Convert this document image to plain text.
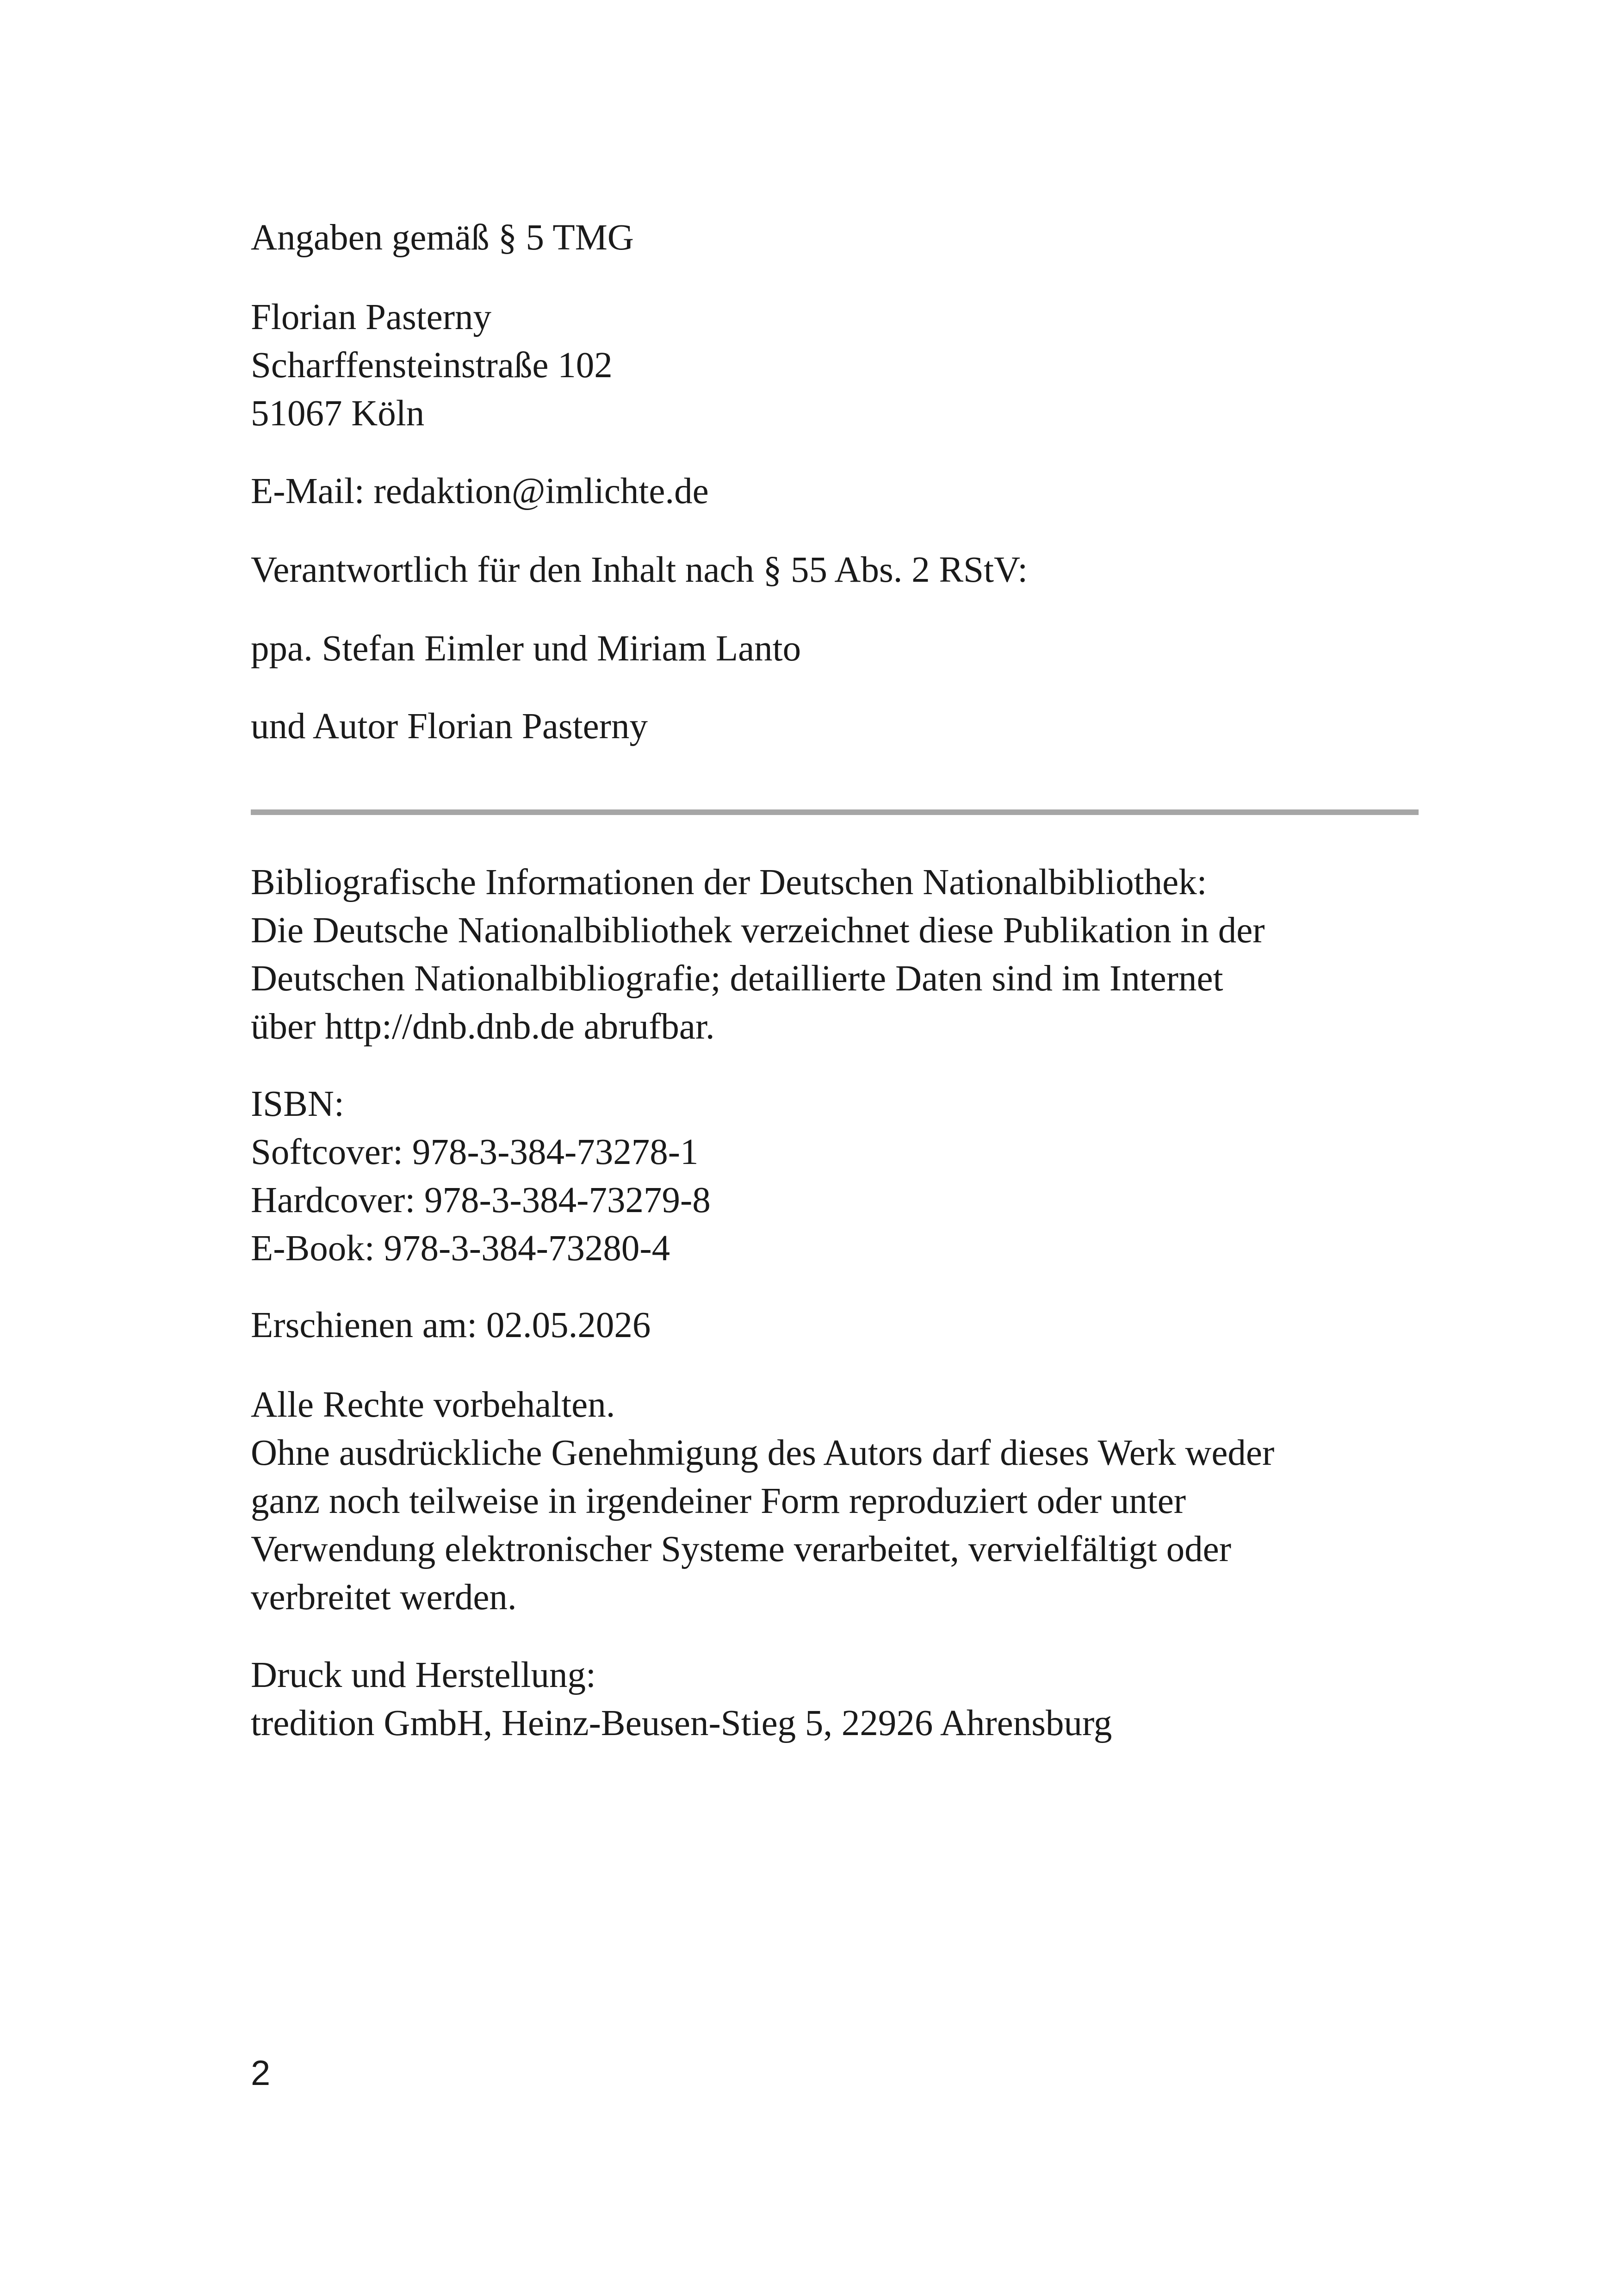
Angaben gemäß § 5 TMG

Florian Pasterny
Scharffensteinstraße 102
51067 Köln

E-Mail: redaktion@imlichte.de

Verantwortlich für den Inhalt nach § 55 Abs. 2 RStV:

ppa. Stefan Eimler und Miriam Lanto

und Autor Florian Pasterny

Bibliografische Informationen der Deutschen Nationalbibliothek:
Die Deutsche Nationalbibliothek verzeichnet diese Publikation in der
Deutschen Nationalbibliografie; detaillierte Daten sind im Internet
über http://dnb.dnb.de abrufbar.

ISBN:
Softcover: 978-3-384-73278-1
Hardcover: 978-3-384-73279-8
E-Book: 978-3-384-73280-4

Erschienen am: 02.05.2026

Alle Rechte vorbehalten.
Ohne ausdrückliche Genehmigung des Autors darf dieses Werk weder
ganz noch teilweise in irgendeiner Form reproduziert oder unter
Verwendung elektronischer Systeme verarbeitet, vervielfältigt oder
verbreitet werden.

Druck und Herstellung:
tredition GmbH, Heinz-Beusen-Stieg 5, 22926 Ahrensburg

2
